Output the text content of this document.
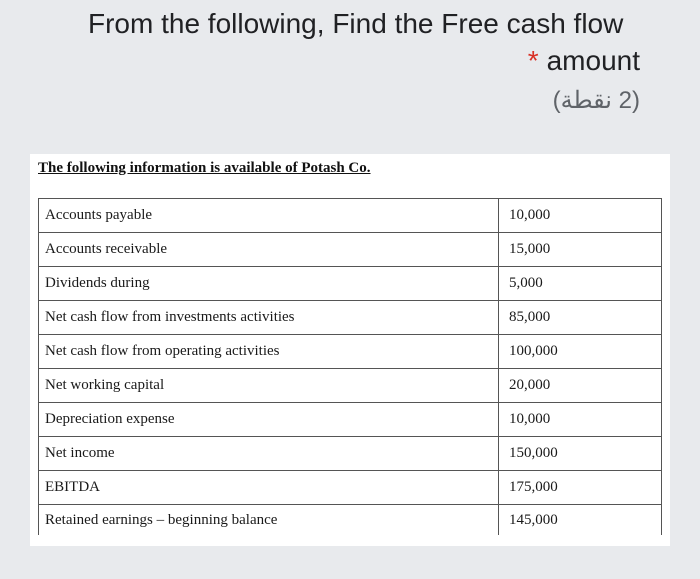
From the following, Find the Free cash flow
* amount
(2 نقطة)
The following information is available of Potash Co.
Accounts payable	10,000
Accounts receivable	15,000
Dividends during	5,000
Net cash flow from investments activities	85,000
Net cash flow from operating activities	100,000
Net working capital	20,000
Depreciation expense	10,000
Net income	150,000
EBITDA	175,000
Retained earnings – beginning balance	145,000
